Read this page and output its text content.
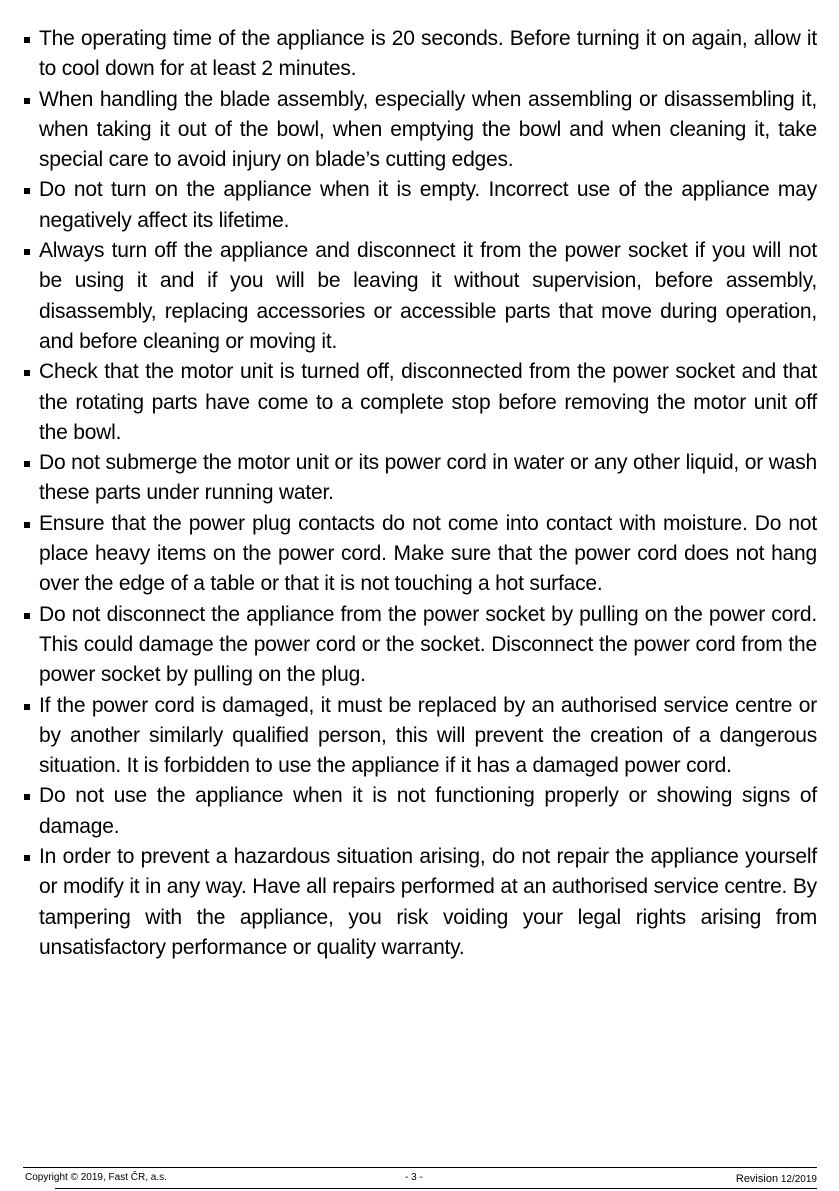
The operating time of the appliance is 20 seconds. Before turning it on again, allow it to cool down for at least 2 minutes.
When handling the blade assembly, especially when assembling or disassembling it, when taking it out of the bowl, when emptying the bowl and when cleaning it, take special care to avoid injury on blade’s cutting edges.
Do not turn on the appliance when it is empty. Incorrect use of the appliance may negatively affect its lifetime.
Always turn off the appliance and disconnect it from the power socket if you will not be using it and if you will be leaving it without supervision, before assembly, disassembly, replacing accessories or accessible parts that move during operation, and before cleaning or moving it.
Check that the motor unit is turned off, disconnected from the power socket and that the rotating parts have come to a complete stop before removing the motor unit off the bowl.
Do not submerge the motor unit or its power cord in water or any other liquid, or wash these parts under running water.
Ensure that the power plug contacts do not come into contact with moisture. Do not place heavy items on the power cord. Make sure that the power cord does not hang over the edge of a table or that it is not touching a hot surface.
Do not disconnect the appliance from the power socket by pulling on the power cord. This could damage the power cord or the socket. Disconnect the power cord from the power socket by pulling on the plug.
If the power cord is damaged, it must be replaced by an authorised service centre or by another similarly qualified person, this will prevent the creation of a dangerous situation. It is forbidden to use the appliance if it has a damaged power cord.
Do not use the appliance when it is not functioning properly or showing signs of damage.
In order to prevent a hazardous situation arising, do not repair the appliance yourself or modify it in any way. Have all repairs performed at an authorised service centre. By tampering with the appliance, you risk voiding your legal rights arising from unsatisfactory performance or quality warranty.
Copyright © 2019, Fast ČR, a.s.	- 3 -	Revision 12/2019
